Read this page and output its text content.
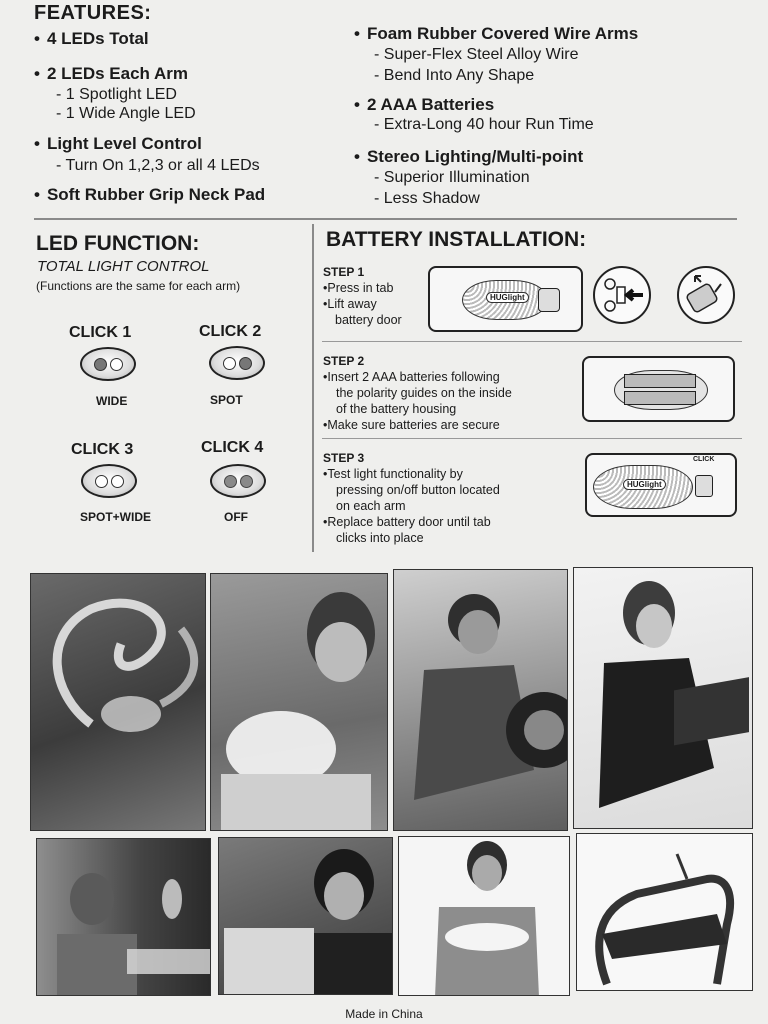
FEATURES:
• 4 LEDs Total
• 2 LEDs Each Arm
- 1 Spotlight LED
- 1 Wide Angle LED
• Light Level Control
- Turn On 1,2,3 or all 4 LEDs
• Soft Rubber Grip Neck Pad
• Foam Rubber Covered Wire Arms
- Super-Flex Steel Alloy Wire
- Bend Into Any Shape
• 2 AAA Batteries
- Extra-Long 40 hour Run Time
• Stereo Lighting/Multi-point
- Superior Illumination
- Less Shadow
LED FUNCTION:
TOTAL LIGHT CONTROL
(Functions are the same for each arm)
CLICK 1
WIDE
CLICK 2
SPOT
CLICK 3
SPOT+WIDE
CLICK 4
OFF
BATTERY INSTALLATION:
STEP 1
• Press in tab
• Lift away
battery door
HUGlight
STEP 2
• Insert 2 AAA batteries following
the polarity guides on the inside
of the battery housing
• Make sure batteries are secure
STEP 3
• Test light functionality by
pressing on/off button located
on each arm
• Replace battery door until tab
clicks into place
HUGlight
CLICK
Made in China
